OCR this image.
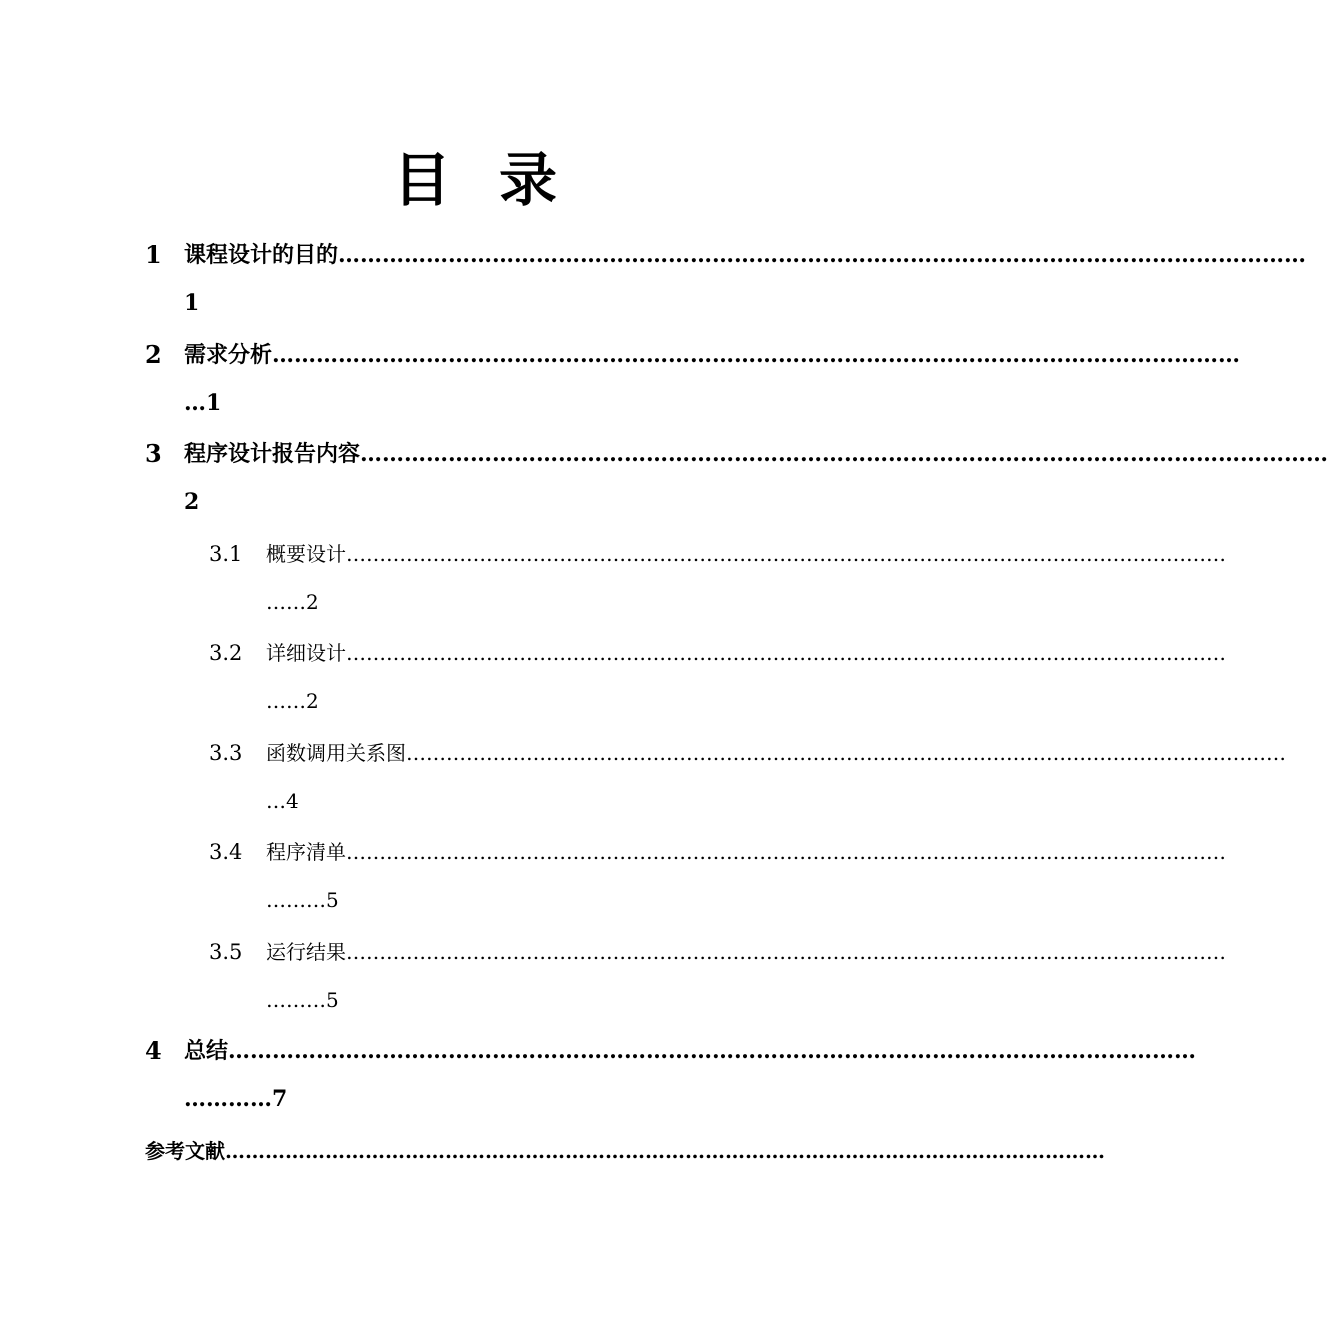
目 录
1 课程设计的目的……………………………………………………………………………………………………………………
1
2 需求分析……………………………………………………………………………………………………………………
…1
3 程序设计报告内容……………………………………………………………………………………………………………………
2
3.1 概要设计……………………………………………………………………………………………………………………
……2
3.2 详细设计……………………………………………………………………………………………………………………
……2
3.3 函数调用关系图……………………………………………………………………………………………………………………
…4
3.4 程序清单……………………………………………………………………………………………………………………
………5
3.5 运行结果……………………………………………………………………………………………………………………
………5
4 总结……………………………………………………………………………………………………………………
…………7
参考文献……………………………………………………………………………………………………………………
